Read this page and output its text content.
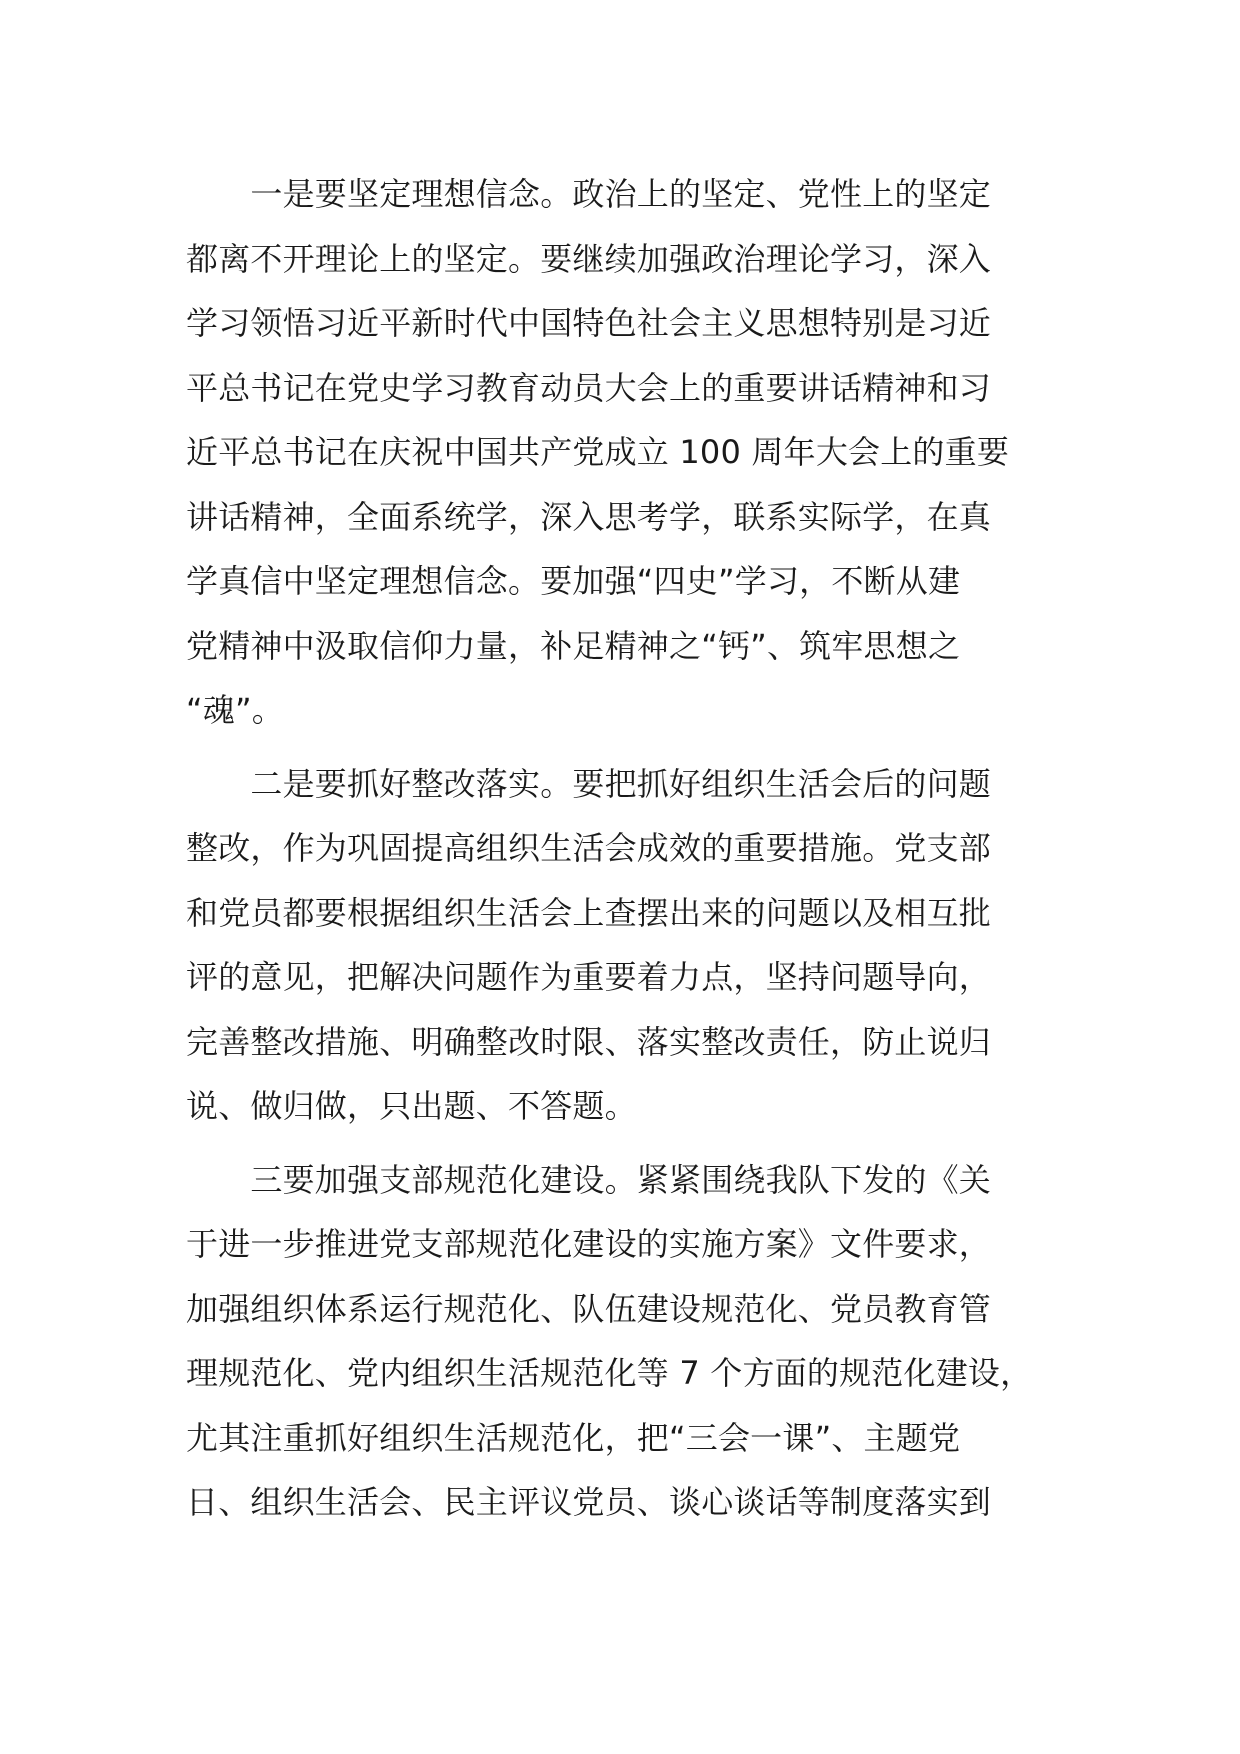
　　一是要坚定理想信念。政治上的坚定、党性上的坚定
都离不开理论上的坚定。要继续加强政治理论学习，深入
学习领悟习近平新时代中国特色社会主义思想特别是习近
平总书记在党史学习教育动员大会上的重要讲话精神和习
近平总书记在庆祝中国共产党成立 100 周年大会上的重要
讲话精神，全面系统学，深入思考学，联系实际学，在真
学真信中坚定理想信念。要加强“四史”学习，不断从建
党精神中汲取信仰力量，补足精神之“钙”、筑牢思想之
“魂”。

　　二是要抓好整改落实。要把抓好组织生活会后的问题
整改，作为巩固提高组织生活会成效的重要措施。党支部
和党员都要根据组织生活会上查摆出来的问题以及相互批
评的意见，把解决问题作为重要着力点，坚持问题导向，
完善整改措施、明确整改时限、落实整改责任，防止说归
说、做归做，只出题、不答题。

　　三要加强支部规范化建设。紧紧围绕我队下发的《关
于进一步推进党支部规范化建设的实施方案》文件要求，
加强组织体系运行规范化、队伍建设规范化、党员教育管
理规范化、党内组织生活规范化等 7 个方面的规范化建设，
尤其注重抓好组织生活规范化，把“三会一课”、主题党
日、组织生活会、民主评议党员、谈心谈话等制度落实到
